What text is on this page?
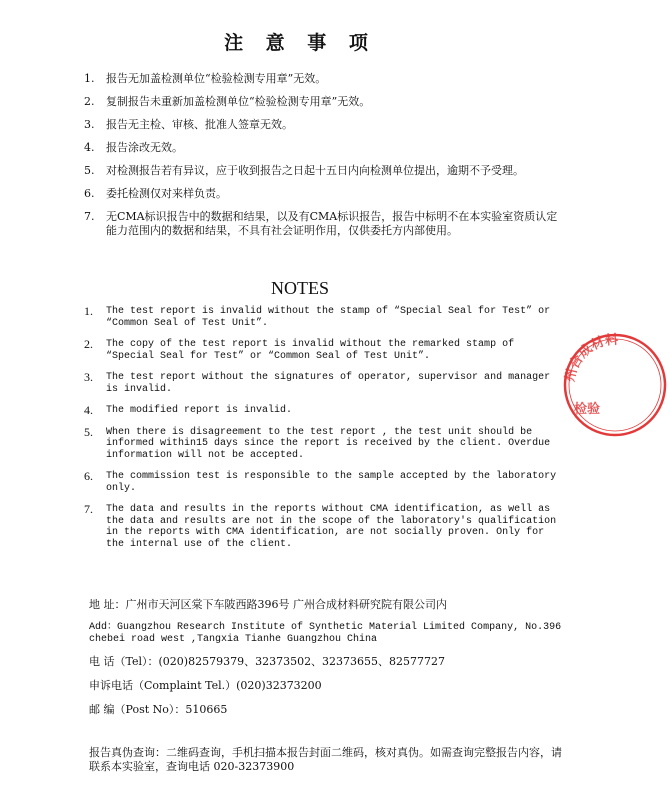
注 意 事 项
1. 报告无加盖检测单位“检验检测专用章”无效。
2. 复制报告未重新加盖检测单位“检验检测专用章”无效。
3. 报告无主检、审核、批准人签章无效。
4. 报告涂改无效。
5. 对检测报告若有异议，应于收到报告之日起十五日内向检测单位提出，逾期不予受理。
6. 委托检测仅对来样负责。
7. 无CMA标识报告中的数据和结果，以及有CMA标识报告，报告中标明不在本实验室资质认定能力范围内的数据和结果，不具有社会证明作用，仅供委托方内部使用。
NOTES
1. The test report is invalid without the stamp of “Special Seal for Test” or “Common Seal of Test Unit”.
2. The copy of the test report is invalid without the remarked stamp of “Special Seal for Test” or “Common Seal of Test Unit”.
3. The test report without the signatures of operator, supervisor and manager is invalid.
4. The modified report is invalid.
5. When there is disagreement to the test report , the test unit should be informed within15 days since the report is received by the client. Overdue information will not be accepted.
6. The commission test is responsible to the sample accepted by the laboratory only.
7. The data and results in the reports without CMA identification, as well as the data and results are not in the scope of the laboratory's qualification in the reports with CMA identification, are not socially proven. Only for the internal use of the client.

地 址：广州市天河区棠下车陂西路396号 广州合成材料研究院有限公司内

Add：Guangzhou Research Institute of Synthetic Material Limited Company, No.396 chebei road west ,Tangxia Tianhe Guangzhou China

电 话（Tel）：(020)82579379、32373502、32373655、82577727

申诉电话（Complaint Tel.）(020)32373200

邮 编（Post No）：510665

报告真伪查询：二维码查询，手机扫描本报告封面二维码，核对真伪。如需查询完整报告内容，请联系本实验室，查询电话 020-32373900
州合成材料
检验
